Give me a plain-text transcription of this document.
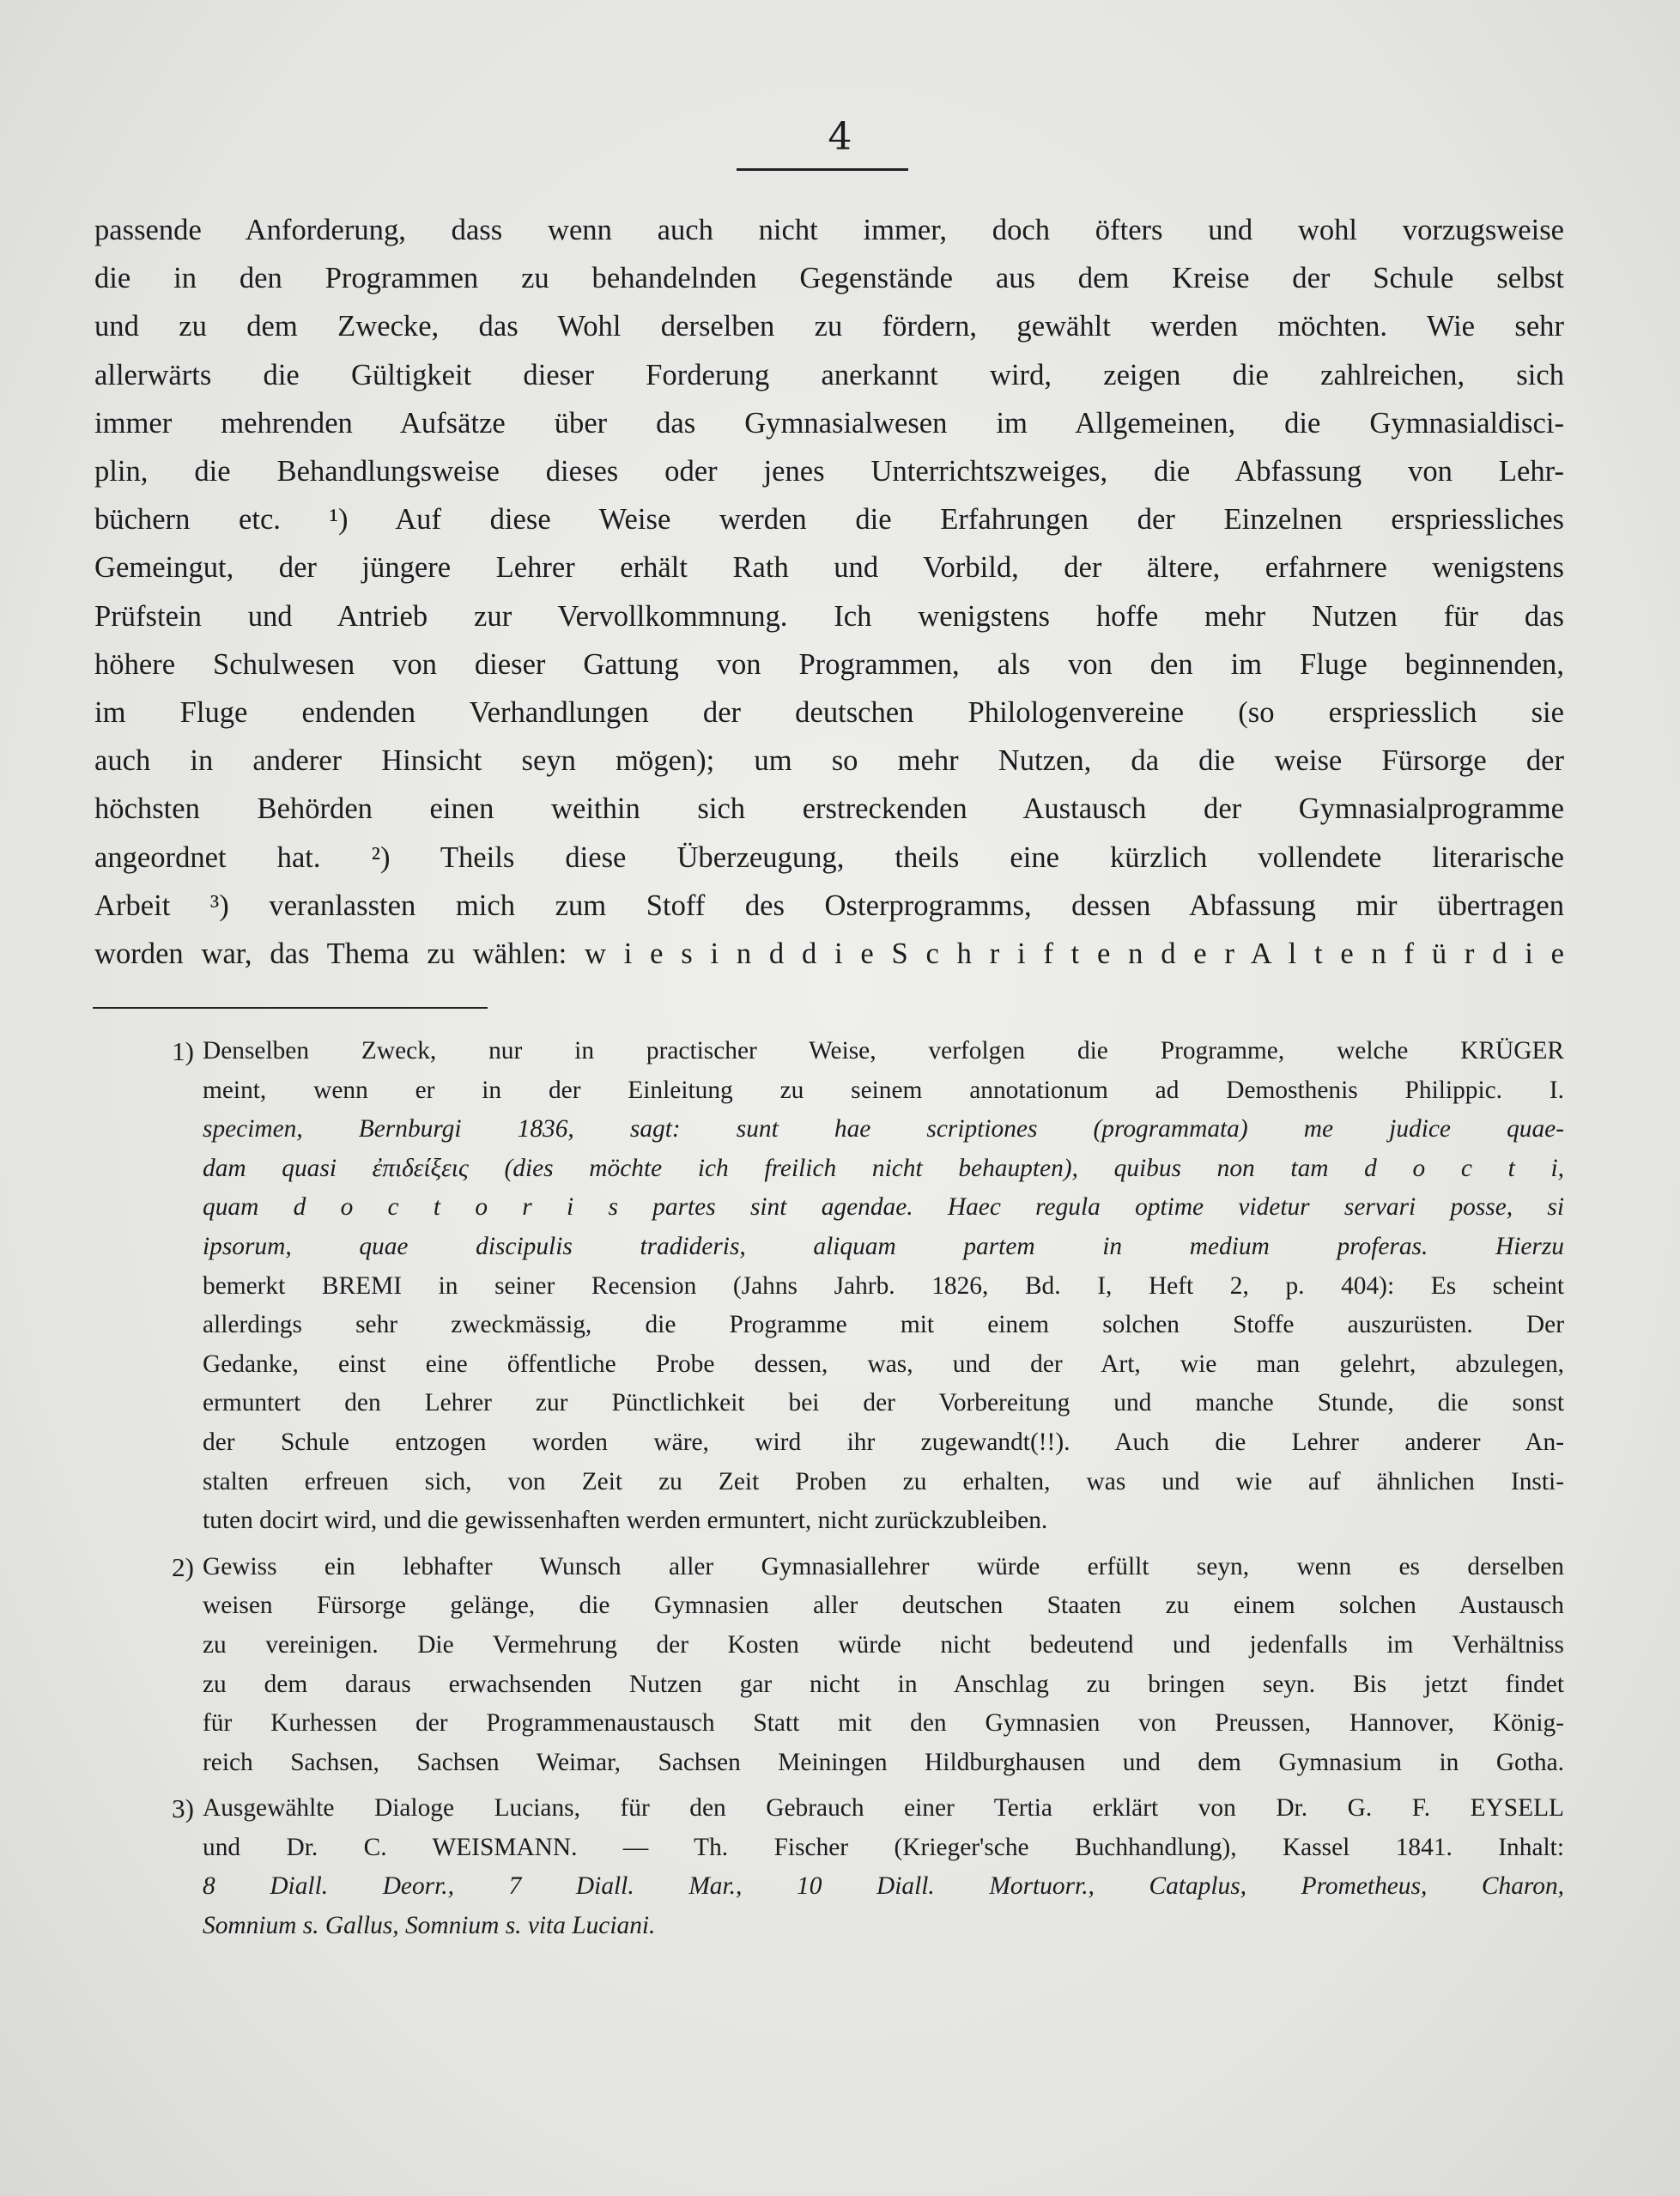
4
passende Anforderung, dass wenn auch nicht immer, doch öfters und wohl vorzugsweise
die in den Programmen zu behandelnden Gegenstände aus dem Kreise der Schule selbst
und zu dem Zwecke, das Wohl derselben zu fördern, gewählt werden möchten. Wie sehr
allerwärts die Gültigkeit dieser Forderung anerkannt wird, zeigen die zahlreichen, sich
immer mehrenden Aufsätze über das Gymnasialwesen im Allgemeinen, die Gymnasialdisci-
plin, die Behandlungsweise dieses oder jenes Unterrichtszweiges, die Abfassung von Lehr-
büchern etc. ¹) Auf diese Weise werden die Erfahrungen der Einzelnen erspriessliches
Gemeingut, der jüngere Lehrer erhält Rath und Vorbild, der ältere, erfahrnere wenigstens
Prüfstein und Antrieb zur Vervollkommnung. Ich wenigstens hoffe mehr Nutzen für das
höhere Schulwesen von dieser Gattung von Programmen, als von den im Fluge beginnenden,
im Fluge endenden Verhandlungen der deutschen Philologenvereine (so erspriesslich sie
auch in anderer Hinsicht seyn mögen); um so mehr Nutzen, da die weise Fürsorge der
höchsten Behörden einen weithin sich erstreckenden Austausch der Gymnasialprogramme
angeordnet hat. ²) Theils diese Überzeugung, theils eine kürzlich vollendete literarische
Arbeit ³) veranlassten mich zum Stoff des Osterprogramms, dessen Abfassung mir übertragen
worden war, das Thema zu wählen: w i e s i n d d i e S c h r i f t e n d e r A l t e n f ü r d i e
1) Denselben Zweck, nur in practischer Weise, verfolgen die Programme, welche KRÜGER
meint, wenn er in der Einleitung zu seinem annotationum ad Demosthenis Philippic. I.
specimen, Bernburgi 1836, sagt: sunt hae scriptiones (programmata) me judice quae-
dam quasi ἐπιδείξεις (dies möchte ich freilich nicht behaupten), quibus non tam d o c t i,
quam d o c t o r i s partes sint agendae. Haec regula optime videtur servari posse, si
ipsorum, quae discipulis tradideris, aliquam partem in medium proferas. Hierzu
bemerkt BREMI in seiner Recension (Jahns Jahrb. 1826, Bd. I, Heft 2, p. 404): Es scheint
allerdings sehr zweckmässig, die Programme mit einem solchen Stoffe auszurüsten. Der
Gedanke, einst eine öffentliche Probe dessen, was, und der Art, wie man gelehrt, abzulegen,
ermuntert den Lehrer zur Pünctlichkeit bei der Vorbereitung und manche Stunde, die sonst
der Schule entzogen worden wäre, wird ihr zugewandt(!!). Auch die Lehrer anderer An-
stalten erfreuen sich, von Zeit zu Zeit Proben zu erhalten, was und wie auf ähnlichen Insti-
tuten docirt wird, und die gewissenhaften werden ermuntert, nicht zurückzubleiben.
2) Gewiss ein lebhafter Wunsch aller Gymnasiallehrer würde erfüllt seyn, wenn es derselben
weisen Fürsorge gelänge, die Gymnasien aller deutschen Staaten zu einem solchen Austausch
zu vereinigen. Die Vermehrung der Kosten würde nicht bedeutend und jedenfalls im Verhältniss
zu dem daraus erwachsenden Nutzen gar nicht in Anschlag zu bringen seyn. Bis jetzt findet
für Kurhessen der Programmenaustausch Statt mit den Gymnasien von Preussen, Hannover, König-
reich Sachsen, Sachsen Weimar, Sachsen Meiningen Hildburghausen und dem Gymnasium in Gotha.
3) Ausgewählte Dialoge Lucians, für den Gebrauch einer Tertia erklärt von Dr. G. F. EYSELL
und Dr. C. WEISMANN. — Th. Fischer (Krieger'sche Buchhandlung), Kassel 1841. Inhalt:
8 Diall. Deorr., 7 Diall. Mar., 10 Diall. Mortuorr., Cataplus, Prometheus, Charon,
Somnium s. Gallus, Somnium s. vita Luciani.
